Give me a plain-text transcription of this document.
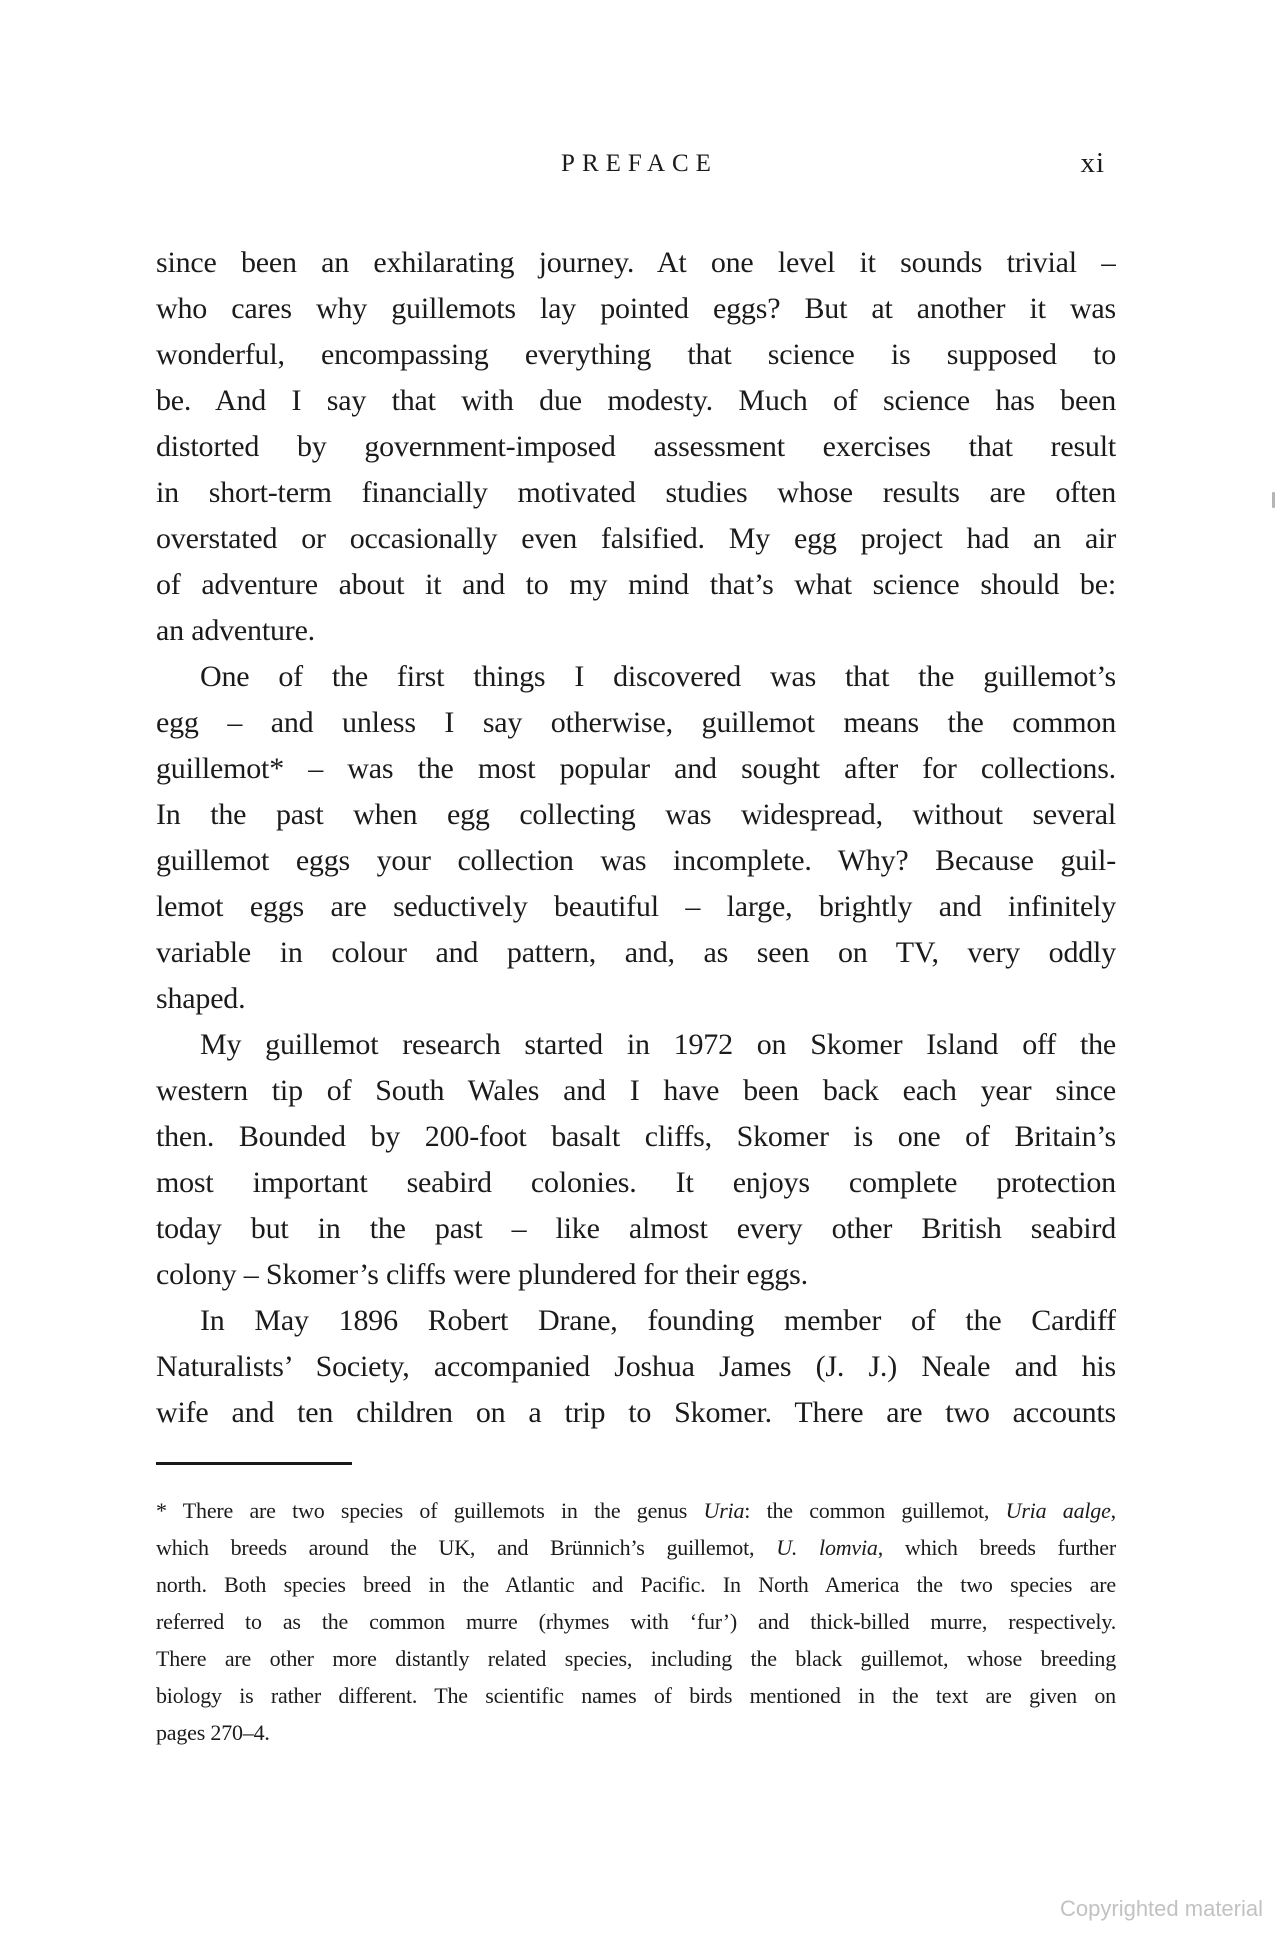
PREFACE	xi
since been an exhilarating journey. At one level it sounds trivial –
who cares why guillemots lay pointed eggs? But at another it was
wonderful, encompassing everything that science is supposed to
be. And I say that with due modesty. Much of science has been
distorted by government-imposed assessment exercises that result
in short-term financially motivated studies whose results are often
overstated or occasionally even falsified. My egg project had an air
of adventure about it and to my mind that’s what science should be:
an adventure.
One of the first things I discovered was that the guillemot’s
egg – and unless I say otherwise, guillemot means the common
guillemot* – was the most popular and sought after for collections.
In the past when egg collecting was widespread, without several
guillemot eggs your collection was incomplete. Why? Because guil-
lemot eggs are seductively beautiful – large, brightly and infinitely
variable in colour and pattern, and, as seen on TV, very oddly
shaped.
My guillemot research started in 1972 on Skomer Island off the
western tip of South Wales and I have been back each year since
then. Bounded by 200-foot basalt cliffs, Skomer is one of Britain’s
most important seabird colonies. It enjoys complete protection
today but in the past – like almost every other British seabird
colony – Skomer’s cliffs were plundered for their eggs.
In May 1896 Robert Drane, founding member of the Cardiff
Naturalists’ Society, accompanied Joshua James (J. J.) Neale and his
wife and ten children on a trip to Skomer. There are two accounts
* There are two species of guillemots in the genus Uria: the common guillemot, Uria aalge,
which breeds around the UK, and Brünnich’s guillemot, U. lomvia, which breeds further
north. Both species breed in the Atlantic and Pacific. In North America the two species are
referred to as the common murre (rhymes with ‘fur’) and thick-billed murre, respectively.
There are other more distantly related species, including the black guillemot, whose breeding
biology is rather different. The scientific names of birds mentioned in the text are given on
pages 270–4.
Copyrighted material
